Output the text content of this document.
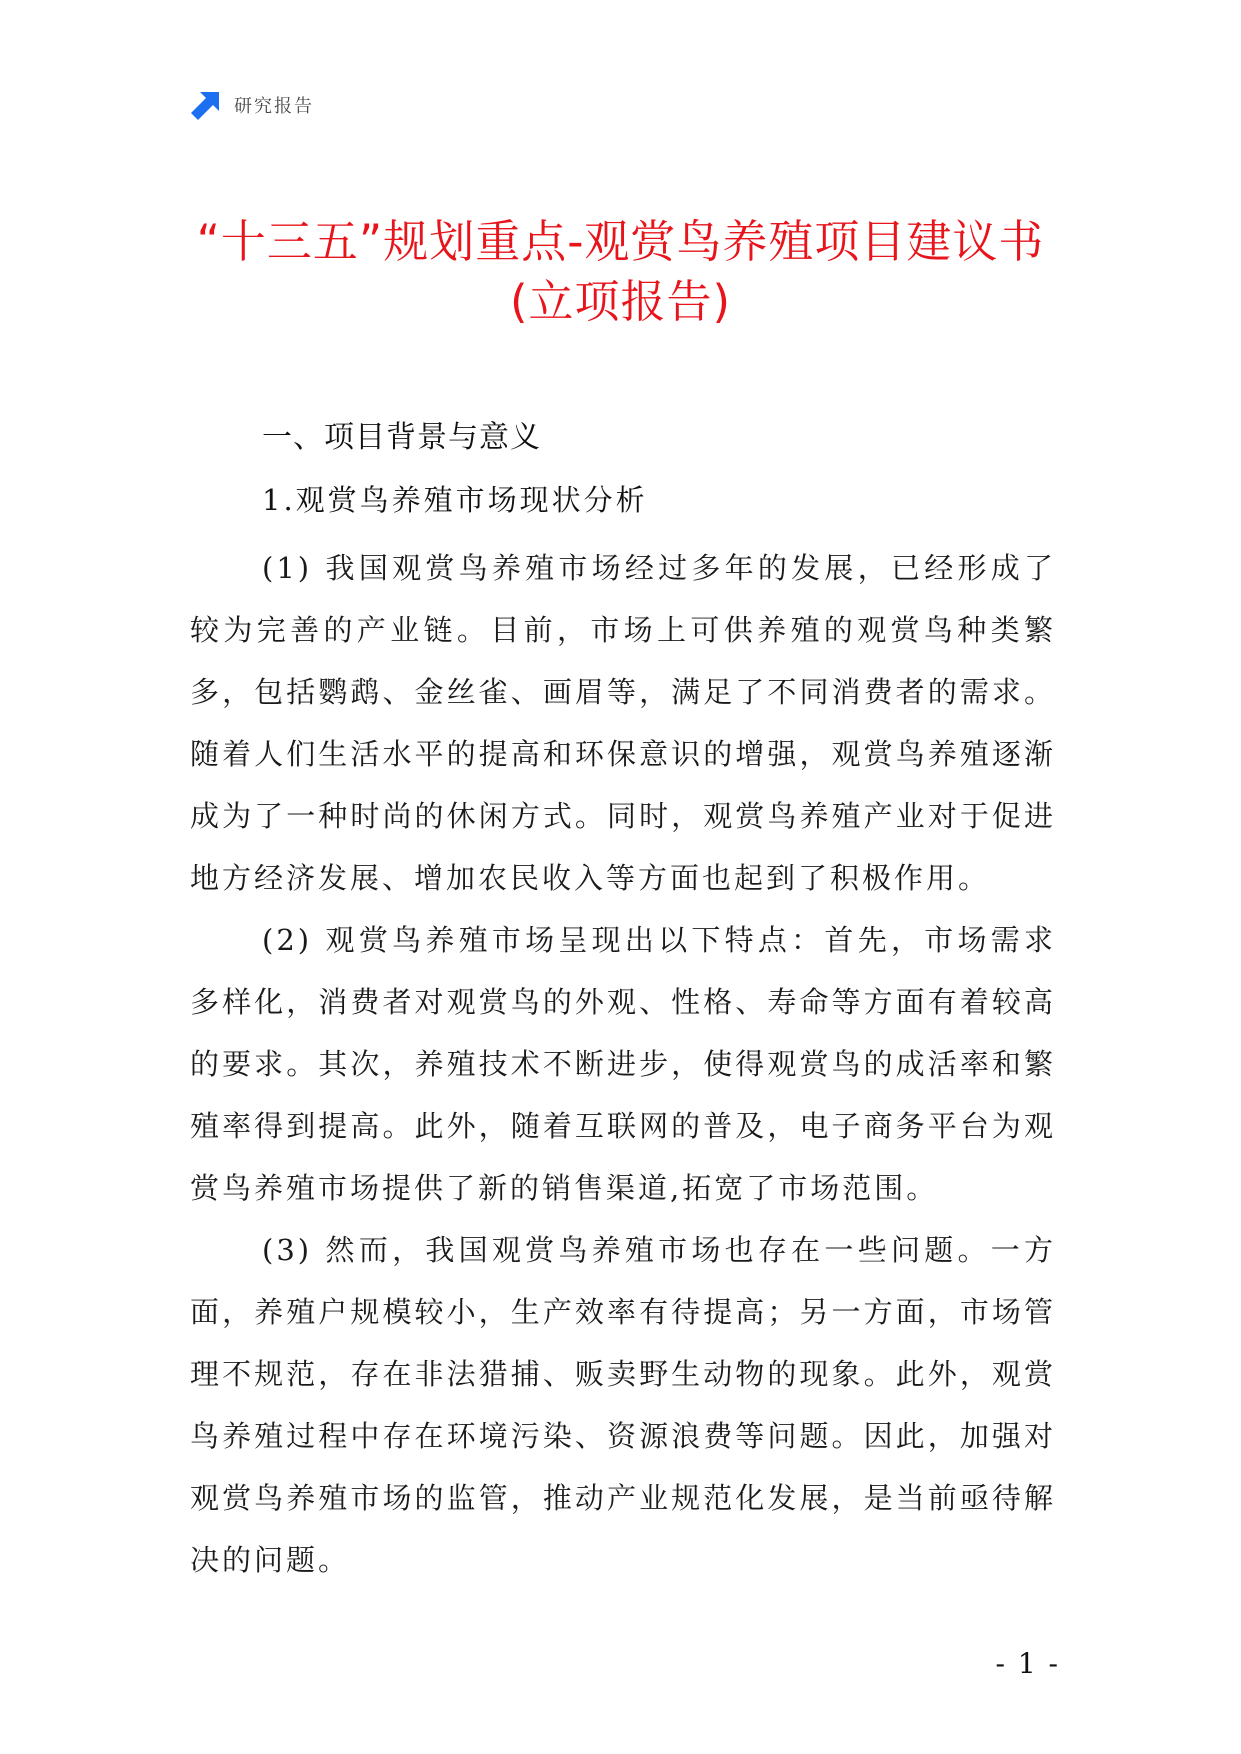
研究报告
“十三五”规划重点-观赏鸟养殖项目建议书(立项报告)
一、项目背景与意义
1.观赏鸟养殖市场现状分析

(1) 我国观赏鸟养殖市场经过多年的发展，已经形成了较为完善的产业链。目前，市场上可供养殖的观赏鸟种类繁多，包括鹦鹉、金丝雀、画眉等，满足了不同消费者的需求。随着人们生活水平的提高和环保意识的增强，观赏鸟养殖逐渐成为了一种时尚的休闲方式。同时，观赏鸟养殖产业对于促进地方经济发展、增加农民收入等方面也起到了积极作用。

(2) 观赏鸟养殖市场呈现出以下特点：首先，市场需求多样化，消费者对观赏鸟的外观、性格、寿命等方面有着较高的要求。其次，养殖技术不断进步，使得观赏鸟的成活率和繁殖率得到提高。此外，随着互联网的普及，电子商务平台为观赏鸟养殖市场提供了新的销售渠道,拓宽了市场范围。

(3) 然而，我国观赏鸟养殖市场也存在一些问题。一方面，养殖户规模较小，生产效率有待提高；另一方面，市场管理不规范，存在非法猎捕、贩卖野生动物的现象。此外，观赏鸟养殖过程中存在环境污染、资源浪费等问题。因此，加强对观赏鸟养殖市场的监管，推动产业规范化发展，是当前亟待解决的问题。

- 1 -
